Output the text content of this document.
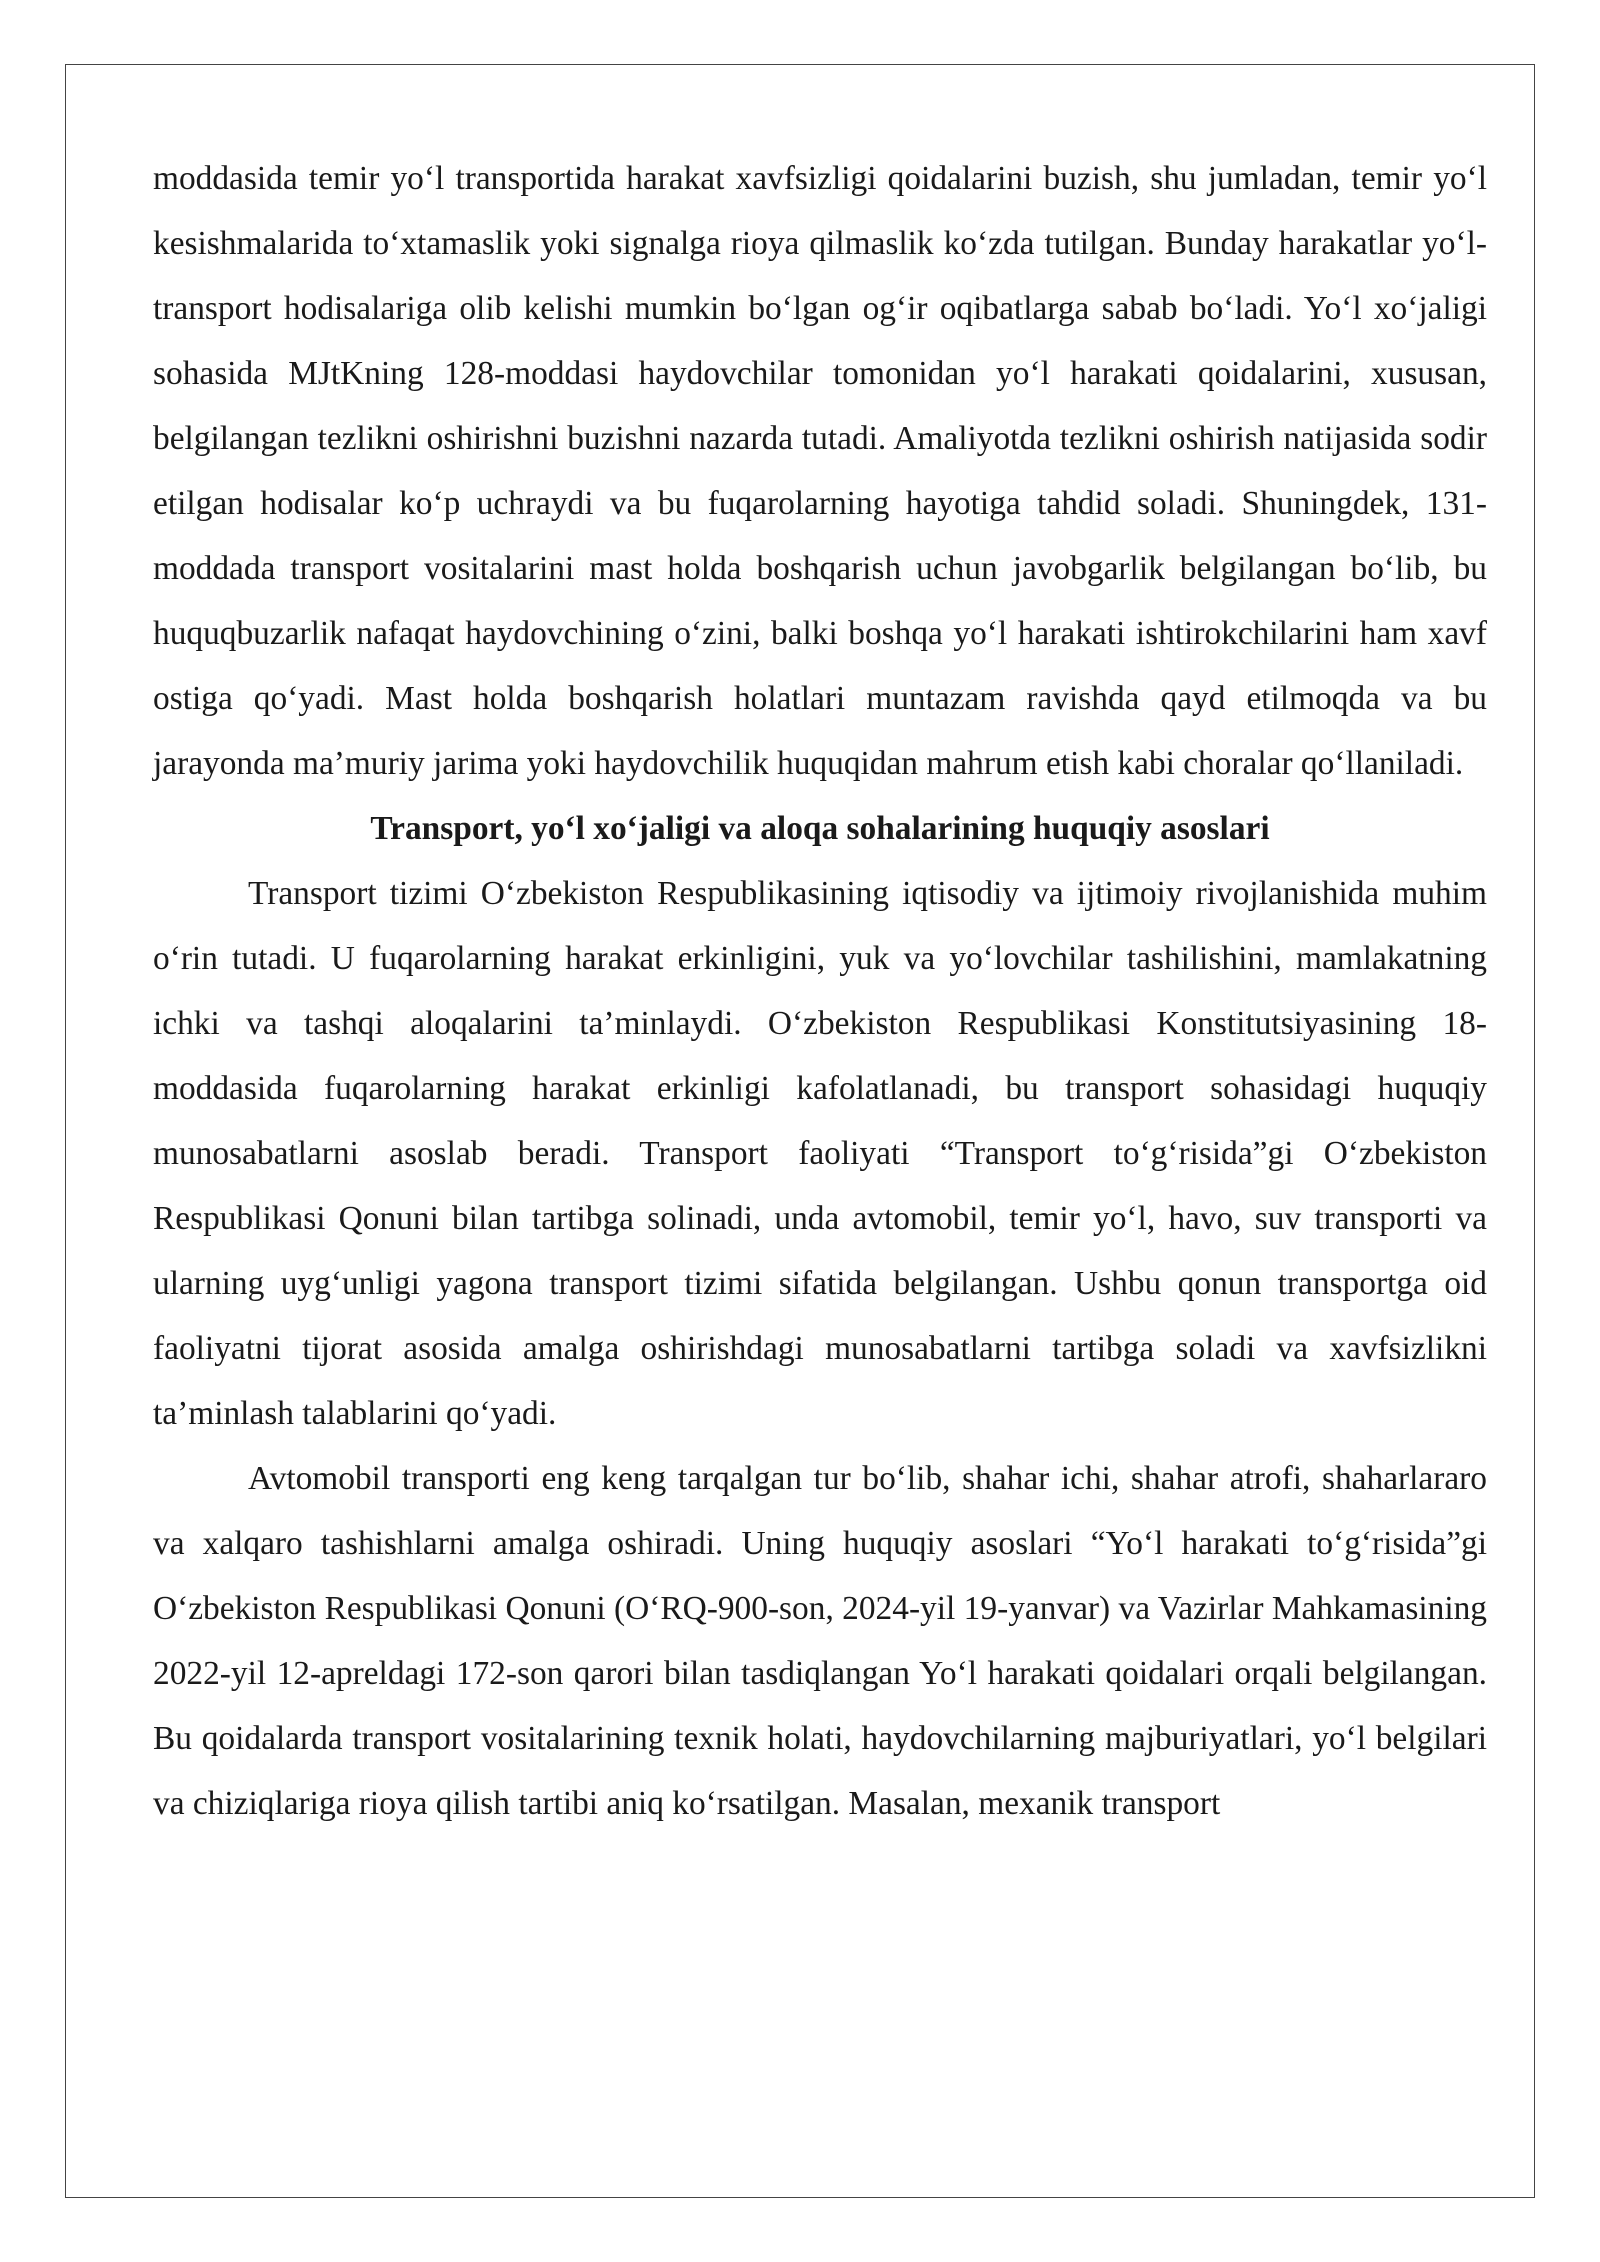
moddasida temir yo‘l transportida harakat xavfsizligi qoidalarini buzish, shu jumladan, temir yo‘l kesishmalarida to‘xtamaslik yoki signalga rioya qilmaslik ko‘zda tutilgan. Bunday harakatlar yo‘l-transport hodisalariga olib kelishi mumkin bo‘lgan og‘ir oqibatlarga sabab bo‘ladi. Yo‘l xo‘jaligi sohasida MJtKning 128-moddasi haydovchilar tomonidan yo‘l harakati qoidalarini, xususan, belgilangan tezlikni oshirishni buzishni nazarda tutadi. Amaliyotda tezlikni oshirish natijasida sodir etilgan hodisalar ko‘p uchraydi va bu fuqarolarning hayotiga tahdid soladi. Shuningdek, 131-moddada transport vositalarini mast holda boshqarish uchun javobgarlik belgilangan bo‘lib, bu huquqbuzarlik nafaqat haydovchining o‘zini, balki boshqa yo‘l harakati ishtirokchilarini ham xavf ostiga qo‘yadi. Mast holda boshqarish holatlari muntazam ravishda qayd etilmoqda va bu jarayonda ma’muriy jarima yoki haydovchilik huquqidan mahrum etish kabi choralar qo‘llaniladi.

Transport, yo‘l xo‘jaligi va aloqa sohalarining huquqiy asoslari

Transport tizimi O‘zbekiston Respublikasining iqtisodiy va ijtimoiy rivojlanishida muhim o‘rin tutadi. U fuqarolarning harakat erkinligini, yuk va yo‘lovchilar tashilishini, mamlakatning ichki va tashqi aloqalarini ta’minlaydi. O‘zbekiston Respublikasi Konstitutsiyasining 18-moddasida fuqarolarning harakat erkinligi kafolatlanadi, bu transport sohasidagi huquqiy munosabatlarni asoslab beradi. Transport faoliyati “Transport to‘g‘risida”gi O‘zbekiston Respublikasi Qonuni bilan tartibga solinadi, unda avtomobil, temir yo‘l, havo, suv transporti va ularning uyg‘unligi yagona transport tizimi sifatida belgilangan. Ushbu qonun transportga oid faoliyatni tijorat asosida amalga oshirishdagi munosabatlarni tartibga soladi va xavfsizlikni ta’minlash talablarini qo‘yadi.

Avtomobil transporti eng keng tarqalgan tur bo‘lib, shahar ichi, shahar atrofi, shaharlararo va xalqaro tashishlarni amalga oshiradi. Uning huquqiy asoslari “Yo‘l harakati to‘g‘risida”gi O‘zbekiston Respublikasi Qonuni (O‘RQ-900-son, 2024-yil 19-yanvar) va Vazirlar Mahkamasining 2022-yil 12-apreldagi 172-son qarori bilan tasdiqlangan Yo‘l harakati qoidalari orqali belgilangan. Bu qoidalarda transport vositalarining texnik holati, haydovchilarning majburiyatlari, yo‘l belgilari va chiziqlariga rioya qilish tartibi aniq ko‘rsatilgan. Masalan, mexanik transport
